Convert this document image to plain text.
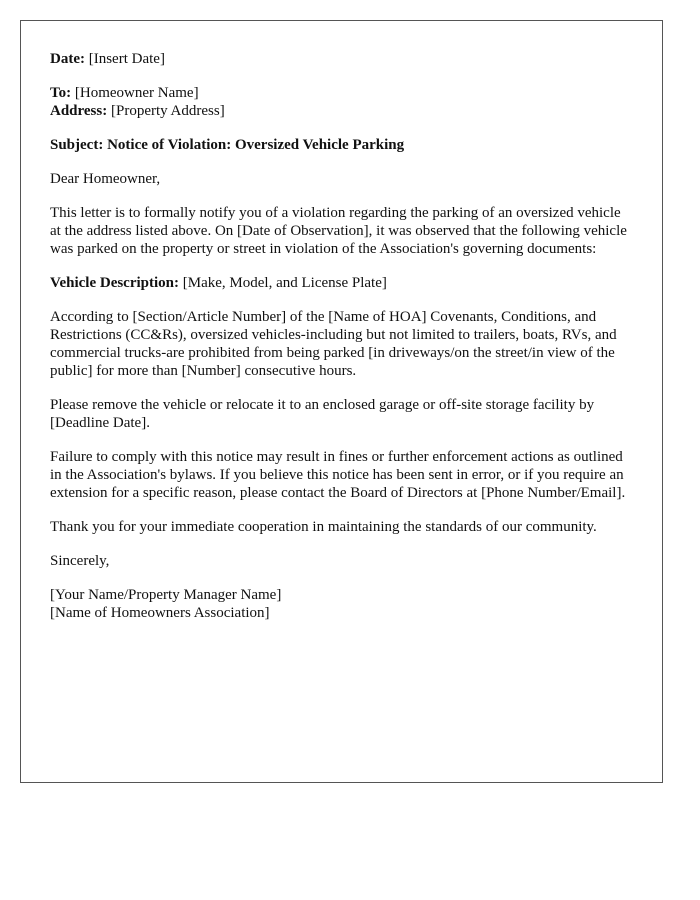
Date: [Insert Date]

To: [Homeowner Name]
Address: [Property Address]

Subject: Notice of Violation: Oversized Vehicle Parking

Dear Homeowner,

This letter is to formally notify you of a violation regarding the parking of an oversized vehicle at the address listed above. On [Date of Observation], it was observed that the following vehicle was parked on the property or street in violation of the Association's governing documents:

Vehicle Description: [Make, Model, and License Plate]

According to [Section/Article Number] of the [Name of HOA] Covenants, Conditions, and Restrictions (CC&Rs), oversized vehicles-including but not limited to trailers, boats, RVs, and commercial trucks-are prohibited from being parked [in driveways/on the street/in view of the public] for more than [Number] consecutive hours.

Please remove the vehicle or relocate it to an enclosed garage or off-site storage facility by [Deadline Date].

Failure to comply with this notice may result in fines or further enforcement actions as outlined in the Association's bylaws. If you believe this notice has been sent in error, or if you require an extension for a specific reason, please contact the Board of Directors at [Phone Number/Email].

Thank you for your immediate cooperation in maintaining the standards of our community.

Sincerely,

[Your Name/Property Manager Name]
[Name of Homeowners Association]
